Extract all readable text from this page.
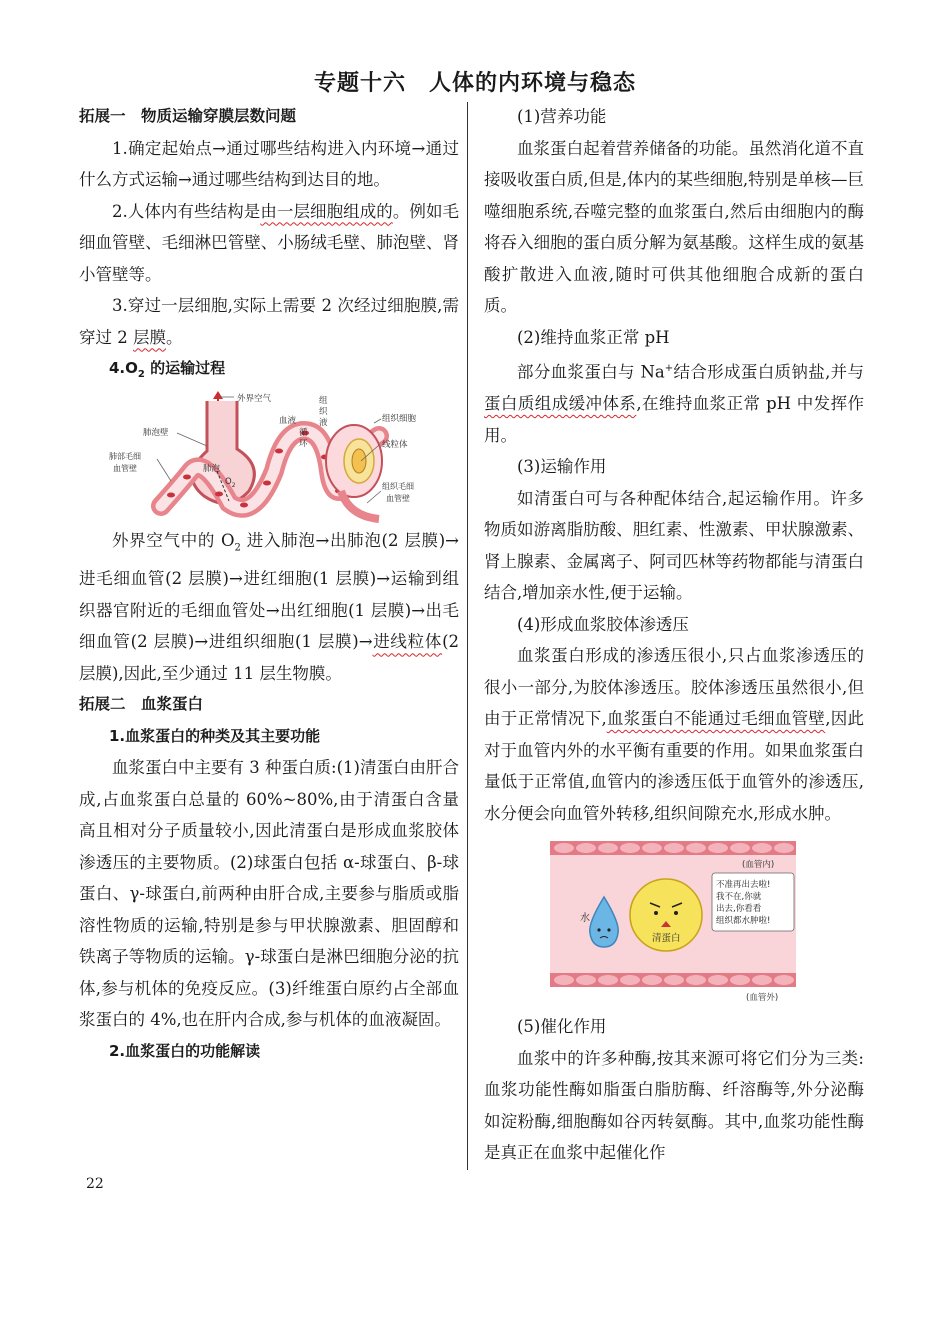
专题十六　人体的内环境与稳态

拓展一　物质运输穿膜层数问题

1.确定起始点→通过哪些结构进入内环境→通过什么方式运输→通过哪些结构到达目的地。

2.人体内有些结构是由一层细胞组成的。例如毛细血管壁、毛细淋巴管壁、小肠绒毛壁、肺泡壁、肾小管壁等。

3.穿过一层细胞,实际上需要 2 次经过细胞膜,需穿过 2 层膜。

$4.O_2$ 的运输过程

外界空气
肺泡壁
肺泡
$O_2$
肺部毛细
血管壁
血液
循
环
组
织
液	组织细胞
线粒体
组织毛细
血管壁

外界空气中的 $O_2$ 进入肺泡→出肺泡(2 层膜)→进毛细血管(2 层膜)→进红细胞(1 层膜)→运输到组织器官附近的毛细血管处→出红细胞(1 层膜)→出毛细血管(2 层膜)→进组织细胞(1 层膜)→进线粒体(2 层膜),因此,至少通过 11 层生物膜。

拓展二　血浆蛋白

1.血浆蛋白的种类及其主要功能

血浆蛋白中主要有 3 种蛋白质:(1)清蛋白由肝合成,占血浆蛋白总量的 60%~80%,由于清蛋白含量高且相对分子质量较小,因此清蛋白是形成血浆胶体渗透压的主要物质。(2)球蛋白包括 α-球蛋白、β-球蛋白、γ-球蛋白,前两种由肝合成,主要参与脂质或脂溶性物质的运输,特别是参与甲状腺激素、胆固醇和铁离子等物质的运输。γ-球蛋白是淋巴细胞分泌的抗体,参与机体的免疫反应。(3)纤维蛋白原约占全部血浆蛋白的 4%,也在肝内合成,参与机体的血液凝固。

2.血浆蛋白的功能解读

(1)营养功能

血浆蛋白起着营养储备的功能。虽然消化道不直接吸收蛋白质,但是,体内的某些细胞,特别是单核—巨噬细胞系统,吞噬完整的血浆蛋白,然后由细胞内的酶将吞入细胞的蛋白质分解为氨基酸。这样生成的氨基酸扩散进入血液,随时可供其他细胞合成新的蛋白质。

(2)维持血浆正常 pH

部分血浆蛋白与 Na+结合形成蛋白质钠盐,并与蛋白质组成缓冲体系,在维持血浆正常 pH 中发挥作用。

(3)运输作用

如清蛋白可与各种配体结合,起运输作用。许多物质如游离脂肪酸、胆红素、性激素、甲状腺激素、肾上腺素、金属离子、阿司匹林等药物都能与清蛋白结合,增加亲水性,便于运输。

(4)形成血浆胶体渗透压

血浆蛋白形成的渗透压很小,只占血浆渗透压的很小一部分,为胶体渗透压。胶体渗透压虽然很小,但由于正常情况下,血浆蛋白不能通过毛细血管壁,因此对于血管内外的水平衡有重要的作用。如果血浆蛋白量低于正常值,血管内的渗透压低于血管外的渗透压,水分便会向血管外转移,组织间隙充水,形成水肿。

水
清蛋白
不准再出去啦!
我不在,你就
出去,你看看
组织都水肿啦!
(血管内)
(血管外)

(5)催化作用

血浆中的许多种酶,按其来源可将它们分为三类:血浆功能性酶如脂蛋白脂肪酶、纤溶酶等,外分泌酶如淀粉酶,细胞酶如谷丙转氨酶。其中,血浆功能性酶是真正在血浆中起催化作

22
